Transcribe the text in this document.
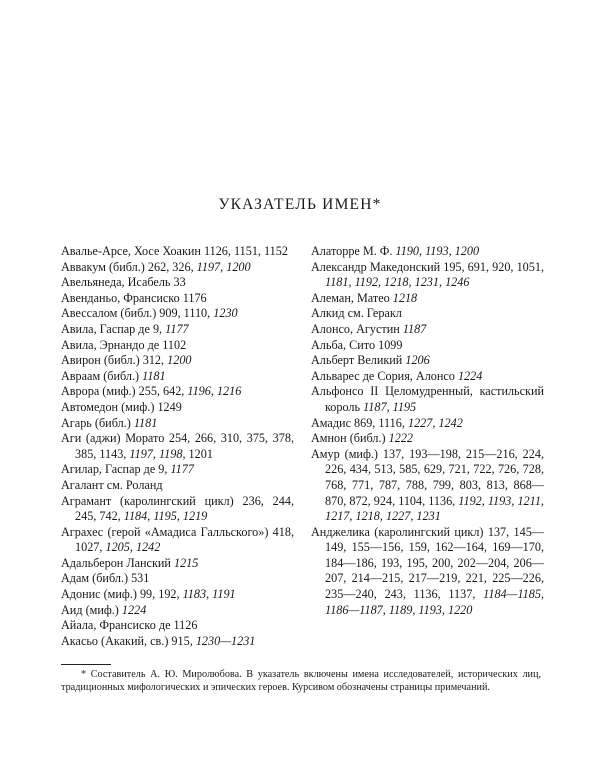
УКАЗАТЕЛЬ ИМЕН*
Авалье-Арсе, Хосе Хоакин 1126, 1151, 1152
Аввакум (библ.) 262, 326, 1197, 1200
Авельянеда, Исабель 33
Авенданьо, Франсиско 1176
Авессалом (библ.) 909, 1110, 1230
Авила, Гаспар де 9, 1177
Авила, Эрнандо де 1102
Авирон (библ.) 312, 1200
Авраам (библ.) 1181
Аврора (миф.) 255, 642, 1196, 1216
Автомедон (миф.) 1249
Агарь (библ.) 1181
Аги (аджи) Морато 254, 266, 310, 375, 378, 385, 1143, 1197, 1198, 1201
Агилар, Гаспар де 9, 1177
Агалант см. Роланд
Аграмант (каролингский цикл) 236, 244, 245, 742, 1184, 1195, 1219
Аграхес (герой «Амадиса Галльского») 418, 1027, 1205, 1242
Адальберон Ланский 1215
Адам (библ.) 531
Адонис (миф.) 99, 192, 1183, 1191
Аид (миф.) 1224
Айала, Франсиско де 1126
Акасьо (Акакий, св.) 915, 1230—1231
Алаторре М. Ф. 1190, 1193, 1200
Александр Македонский 195, 691, 920, 1051, 1181, 1192, 1218, 1231, 1246
Алеман, Матео 1218
Алкид см. Геракл
Алонсо, Агустин 1187
Альба, Сито 1099
Альберт Великий 1206
Альварес де Сория, Алонсо 1224
Альфонсо II Целомудренный, кастильский король 1187, 1195
Амадис 869, 1116, 1227, 1242
Амнон (библ.) 1222
Амур (миф.) 137, 193—198, 215—216, 224, 226, 434, 513, 585, 629, 721, 722, 726, 728, 768, 771, 787, 788, 799, 803, 813, 868—870, 872, 924, 1104, 1136, 1192, 1193, 1211, 1217, 1218, 1227, 1231
Анджелика (каролингский цикл) 137, 145—149, 155—156, 159, 162—164, 169—170, 184—186, 193, 195, 200, 202—204, 206—207, 214—215, 217—219, 221, 225—226, 235—240, 243, 1136, 1137, 1184—1185, 1186—1187, 1189, 1193, 1220
* Составитель А. Ю. Миролюбова. В указатель включены имена исследователей, исторических лиц, традиционных мифологических и эпических героев. Курсивом обозначены страницы примечаний.
